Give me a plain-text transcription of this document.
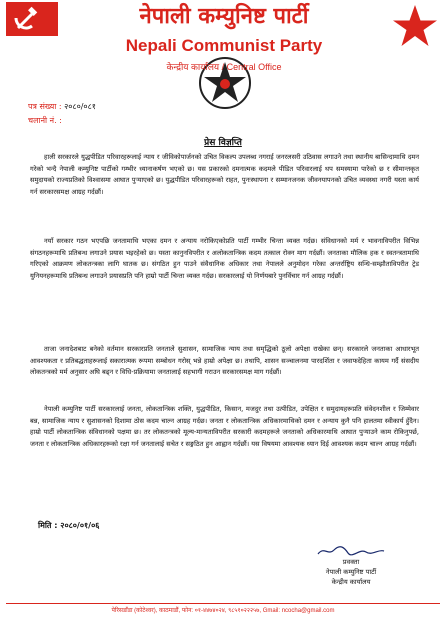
नेपाली कम्युनिष्ट पार्टी
Nepali Communist Party
केन्द्रीय कार्यालय / Central Office
पत्र संख्या : २०८०/०८१
चलानी नं. :
प्रेस विज्ञप्ति
हाली सरकारले युद्धपीडित परिवारहरूलाई न्याय र जीविकोपार्जनको उचित विकल्प उपलब्ध नगराई जनरलसरी उठिवास लगाउने तथा स्थानीय बासिन्दामाथि दमन गरेको भन्दै नेपाली कम्युनिष्ट पार्टीको गम्भीर ध्यानाकर्षण भएको छ। यस प्रकारको दमनात्मक कदमले पीडित परिवारलाई थप समस्यामा पारेको छ र सीमान्तकृत समुदायको राज्यप्रतिको विश्वासमा आघात पुर्‍याएको छ। युद्धपीडित परिवारहरूको राहत, पुनःस्थापना र सम्मानजनक जीवनयापनको उचित व्यवस्था नगरी यस्ता कार्य गर्न सरकारसमक्ष आग्रह गर्दछौं।
नयाँ सरकार गठन भएपछि जनतामाथि भएका दमन र अन्याय नरोकिएकोप्रति पार्टी गम्भीर चिन्ता व्यक्त गर्दछ। संविधानको मर्म र भावनाविपरीत विभिन्न संगठनहरूमाथि प्रतिबन्ध लगाउने प्रयास भइरहेको छ। यस्ता कानुनविपरीत र अलोकतान्त्रिक कदम तत्काल रोक्न माग गर्दछौं। जनताका मौलिक हक र स्वतन्त्रतामाथि गरिएको आक्रमण लोकतन्त्रका लागि घातक छ। संगठित हुन पाउने संवैधानिक अधिकार तथा नेपालले अनुमोदन गरेका अन्तर्राष्ट्रिय सन्धि-सम्झौताविपरीत ट्रेड युनियनहरूमाथि प्रतिबन्ध लगाउने प्रयासप्रति पनि हाम्रो पार्टी चिन्ता व्यक्त गर्दछ। सरकारलाई यो निर्णयबारे पुनर्विचार गर्न आग्रह गर्दछौं।
ताजा जनादेशबाट बनेको वर्तमान सरकारप्रति जनताले सुशासन, सामाजिक न्याय तथा समृद्धिको ठूलो अपेक्षा राखेका छन्। सरकारले जनताका आधारभूत आवश्यकता र प्रतिबद्धताहरूलाई सकारात्मक रूपमा सम्बोधन गरोस् भन्ने हाम्रो अपेक्षा छ। तथापि, शासन सञ्चालनमा पारदर्शिता र जवाफदेहिता कायम गर्दै संसदीय लोकतन्त्रको मर्म अनुसार अघि बढ्न र विधि-प्रक्रियामा जनतालाई सहभागी गराउन सरकारसमक्ष माग गर्दछौं।
नेपाली कम्युनिष्ट पार्टी सरकारलाई जनता, लोकतान्त्रिक शक्ति, युद्धपीडित, किसान, मजदुर तथा उत्पीडित, उपेक्षित र समुदायहरूप्रति संवेदनशील र जिम्मेवार बन्न, सामाजिक न्याय र सुशासनको दिशामा ठोस कदम चाल्न आग्रह गर्दछ। जनता र लोकतान्त्रिक अधिकारमाथिको दमन र अन्याय कुनै पनि हालतमा स्वीकार्य हुँदैन। हाम्रो पार्टी लोकतान्त्रिक संविधानको पक्षमा छ। तर लोकतन्त्रको मूल्य-मान्यताविपरीत सरकारी कदमहरूले जनताको अधिकारमाथि आघात पुर्‍याउने काम रोकिनुपर्छ, जनता र लोकतान्त्रिक अधिकारहरूको रक्षा गर्न जनतालाई सचेत र सङ्गठित हुन आह्वान गर्दछौं। यस विषयमा आवश्यक ध्यान दिई आवश्यक कदम चाल्न आग्रह गर्दछौं।
मिति : २०८०/०१/०६
प्रवक्ता
नेपाली कम्युनिष्ट पार्टी
केन्द्रीय कार्यालय
पेरिसडाँडा (कोटेश्वर), काठमाडौं, फोन: ०१-४४७४०२४, ९८५१०२२२५७, Gmail: ncocha@gmail.com
